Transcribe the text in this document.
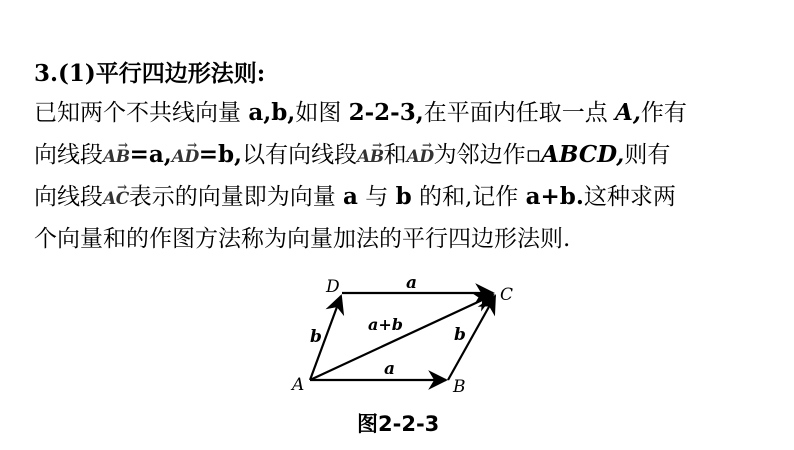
3.(1)平行四边形法则:

已知两个不共线向量 a,b,如图 2-2-3,在平面内任取一点 A,作有
向线段→ AB=a,→ AD=b,以有向线段→ AB和→ AD为邻边作▫ABCD,则有
向线段→ AC表示的向量即为向量 a 与 b 的和,记作 a+b.这种求两
个向量和的作图方法称为向量加法的平行四边形法则.
A	B
C
D	a
a
b	b
a+b
图2-2-3
